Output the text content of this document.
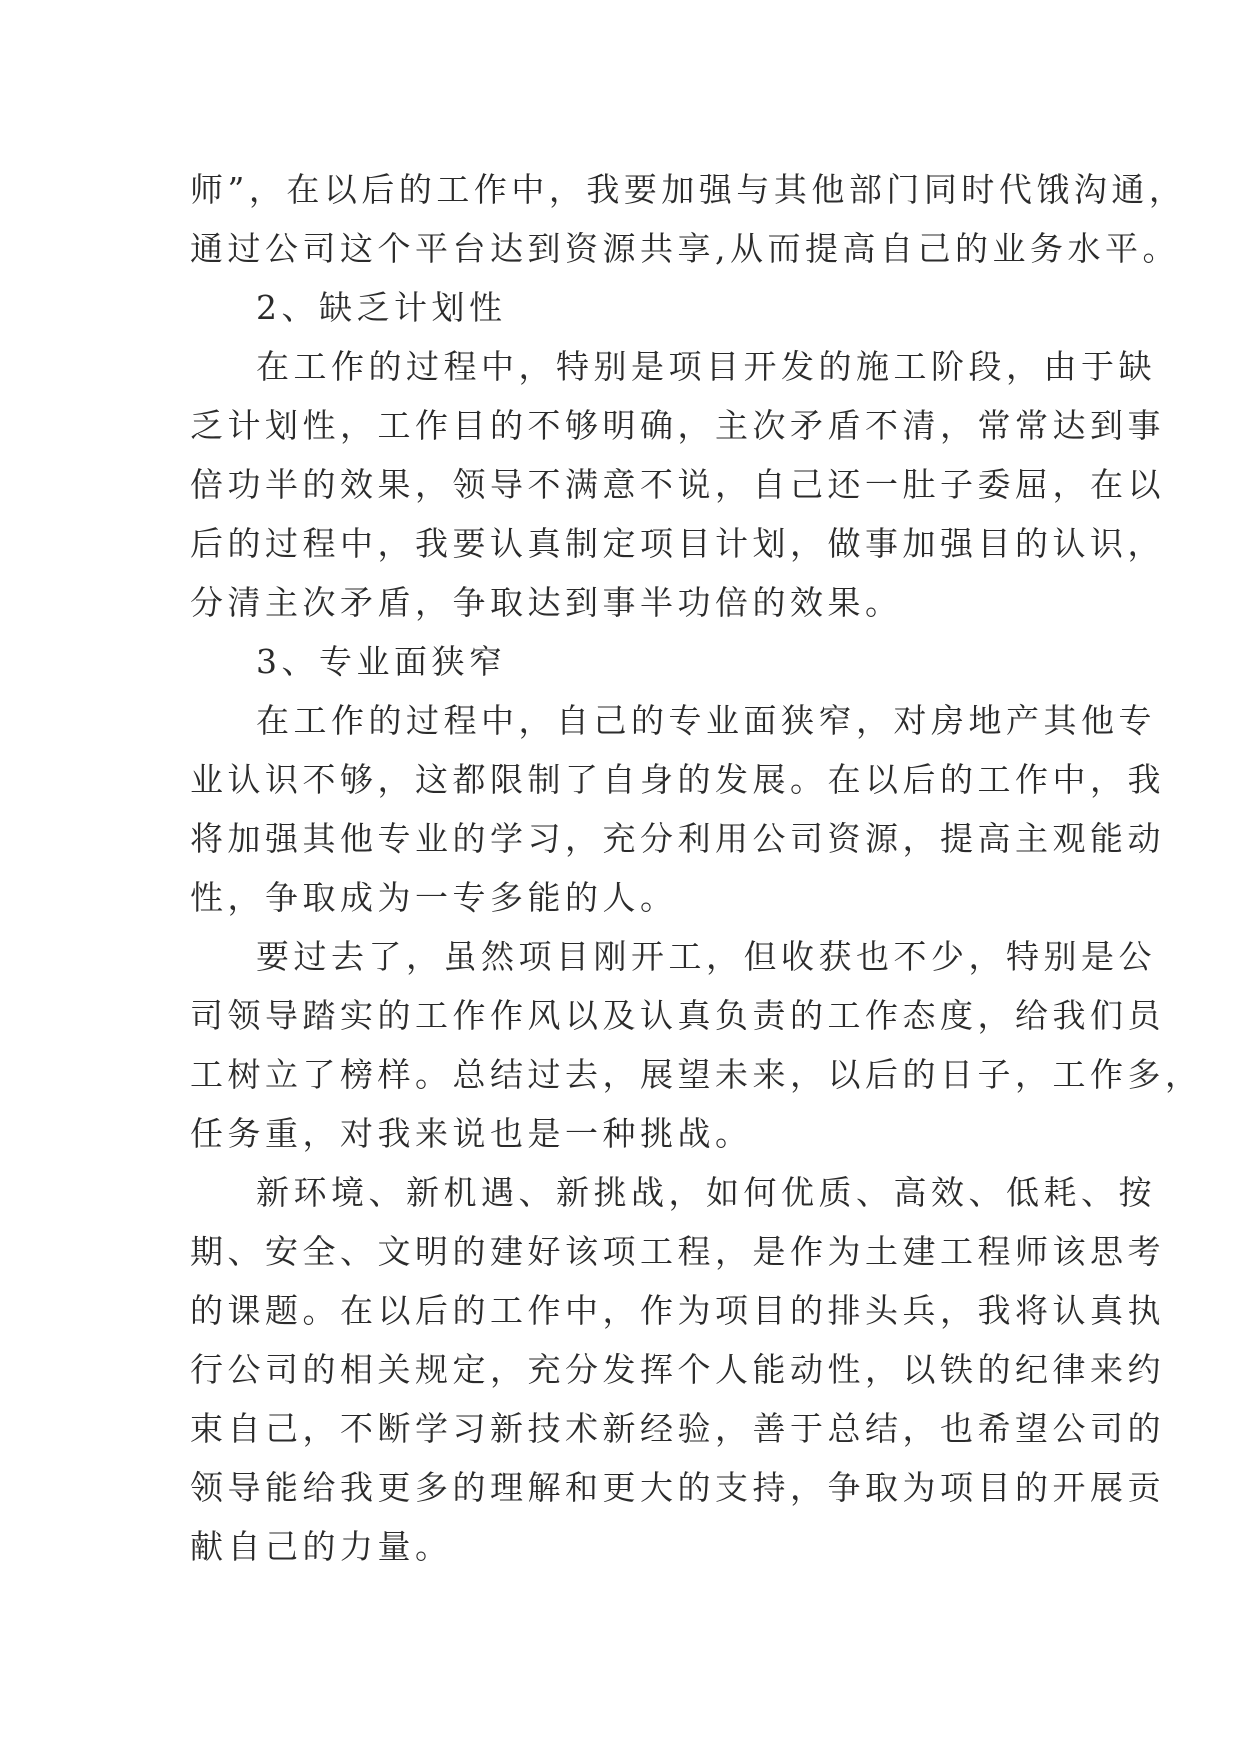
师”，在以后的工作中，我要加强与其他部门同时代饿沟通，

通过公司这个平台达到资源共享,从而提高自己的业务水平。

2、缺乏计划性

在工作的过程中，特别是项目开发的施工阶段，由于缺

乏计划性，工作目的不够明确，主次矛盾不清，常常达到事

倍功半的效果，领导不满意不说，自己还一肚子委屈，在以

后的过程中，我要认真制定项目计划，做事加强目的认识，

分清主次矛盾，争取达到事半功倍的效果。

3、专业面狭窄

在工作的过程中，自己的专业面狭窄，对房地产其他专

业认识不够，这都限制了自身的发展。在以后的工作中，我

将加强其他专业的学习，充分利用公司资源，提高主观能动

性，争取成为一专多能的人。

要过去了，虽然项目刚开工，但收获也不少，特别是公

司领导踏实的工作作风以及认真负责的工作态度，给我们员

工树立了榜样。总结过去，展望未来，以后的日子，工作多，

任务重，对我来说也是一种挑战。

新环境、新机遇、新挑战，如何优质、高效、低耗、按

期、安全、文明的建好该项工程，是作为土建工程师该思考

的课题。在以后的工作中，作为项目的排头兵，我将认真执

行公司的相关规定，充分发挥个人能动性，以铁的纪律来约

束自己，不断学习新技术新经验，善于总结，也希望公司的

领导能给我更多的理解和更大的支持，争取为项目的开展贡

献自己的力量。
